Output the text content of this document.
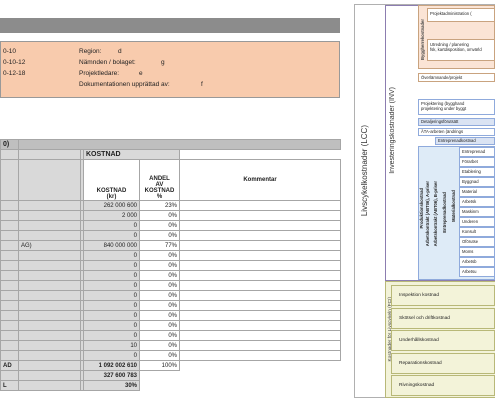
0-10
0-10-12
0-12-18
Region:	d
Nämnden / bolaget:	g
Projektledare:	e
Dokumentationen upprättad av:	f
0)					
			KOSTNAD		
			KOSTNAD
(kr)	ANDEL
AV
KOSTNAD
%	Kommentar
			262 000 600	23%	
			2 000	0%	
			0	0%	
			0	0%	
	AG)		840 000 000	77%	
			0	0%	
			0	0%	
			0	0%	
			0	0%	
			0	0%	
			0	0%	
			0	0%	
			0	0%	
			0	0%	
			10	0%	
			0	0%	
AD			1 092 002 610	100%	
			327 600 783		
L			30%		
Livscykelkostnader (LCC)	Investeringskostnader (INV)
Byggherrekostnader
Projektadministration (
Utredning / planering
fsk, kartdisposition, omvärld
Överlämnande/projekt
Projektering (bygghand
projektering under byggt
Detaljeringsförutsätt
ÄTA-arbeten (ändrings
Entreprenadkostnad
Produktionskostnad Arbetskontrakt (ABT06), A-priser Arbetskontrakt (ABT06), B-priser Entreprenadkostnad Materialkostnad
Entreprenad
Förarbet
Etablering
Byggnad
Material
Arbetsk
Maskinm
Underen
Konsult
Oförutse
Moms
Arbetsb
Arbetsu
Inspektion kostnad
Skötsel och driftkostnad
Underhållskostnad
Reparationskostnad
Rivningskostnad
